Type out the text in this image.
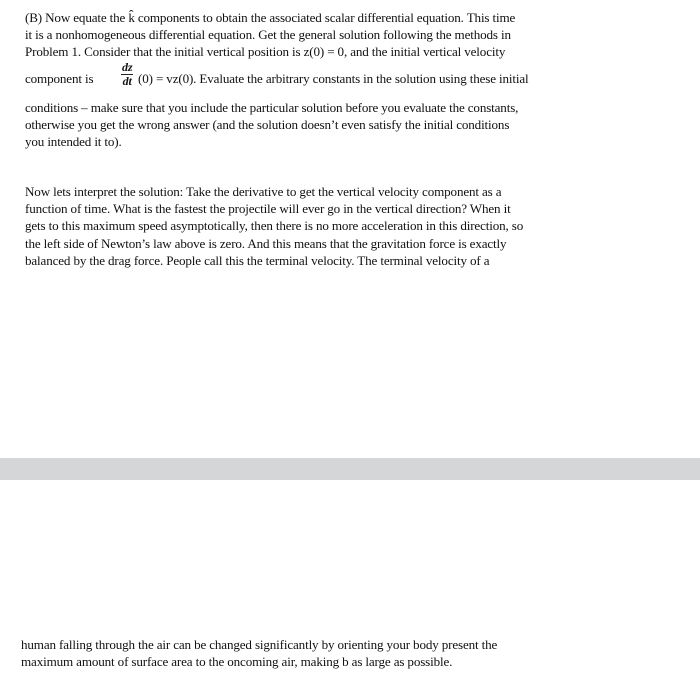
(B) Now equate the k̂ components to obtain the associated scalar differential equation. This time

it is a nonhomogeneous differential equation. Get the general solution following the methods in

Problem 1. Consider that the initial vertical position is z(0) = 0, and the initial vertical velocity

component is $\frac{dz}{dt} (0) = vz(0)$. Evaluate the arbitrary constants in the solution using these initial

conditions – make sure that you include the particular solution before you evaluate the constants,

otherwise you get the wrong answer (and the solution doesn’t even satisfy the initial conditions

you intended it to).

Now lets interpret the solution: Take the derivative to get the vertical velocity component as a

function of time. What is the fastest the projectile will ever go in the vertical direction? When it

gets to this maximum speed asymptotically, then there is no more acceleration in this direction, so

the left side of Newton’s law above is zero. And this means that the gravitation force is exactly

balanced by the drag force. People call this the terminal velocity. The terminal velocity of a

human falling through the air can be changed significantly by orienting your body present the

maximum amount of surface area to the oncoming air, making b as large as possible.
